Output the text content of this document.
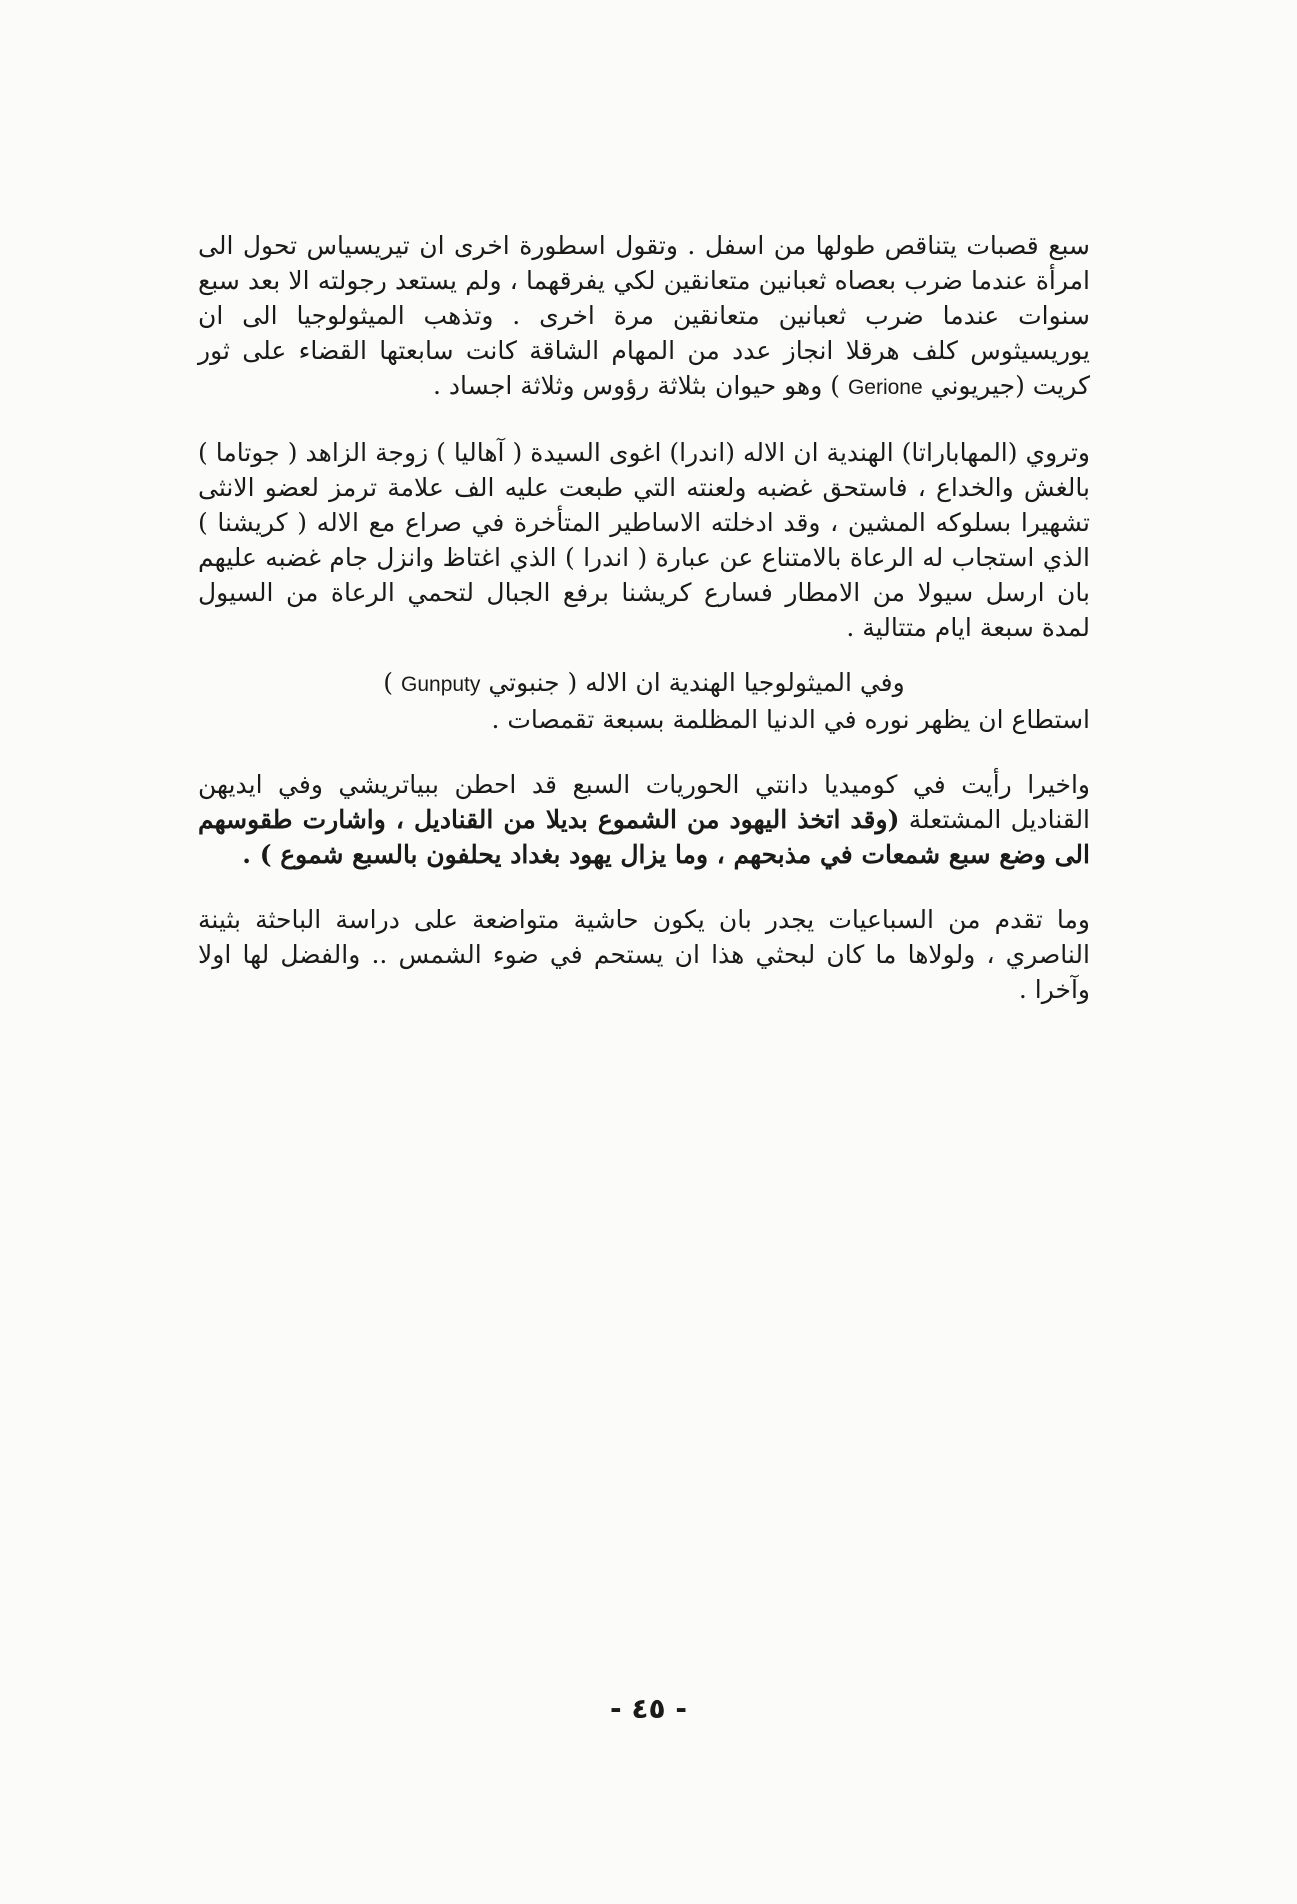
سبع قصبات يتناقص طولها من اسفل . وتقول اسطورة اخرى ان تيريسياس تحول الى امرأة عندما ضرب بعصاه ثعبانين متعانقين لكي يفرقهما ، ولم يستعد رجولته الا بعد سبع سنوات عندما ضرب ثعبانين متعانقين مرة اخرى . وتذهب الميثولوجيا الى ان يوريسيثوس كلف هرقلا انجاز عدد من المهام الشاقة كانت سابعتها القضاء على ثور كريت (جيريوني Gerione ) وهو حيوان بثلاثة رؤوس وثلاثة اجساد .

وتروي (المهاباراتا) الهندية ان الاله (اندرا) اغوى السيدة ( آهاليا ) زوجة الزاهد ( جوتاما ) بالغش والخداع ، فاستحق غضبه ولعنته التي طبعت عليه الف علامة ترمز لعضو الانثى تشهيرا بسلوكه المشين ، وقد ادخلته الاساطير المتأخرة في صراع مع الاله ( كريشنا ) الذي استجاب له الرعاة بالامتناع عن عبارة ( اندرا ) الذي اغتاظ وانزل جام غضبه عليهم بان ارسل سيولا من الامطار فسارع كريشنا برفع الجبال لتحمي الرعاة من السيول لمدة سبعة ايام متتالية .

وفي الميثولوجيا الهندية ان الاله ( جنبوتي Gunputy )

استطاع ان يظهر نوره في الدنيا المظلمة بسبعة تقمصات .

واخيرا رأيت في كوميديا دانتي الحوريات السبع قد احطن ببياتريشي وفي ايديهن القناديل المشتعلة (وقد اتخذ اليهود من الشموع بديلا من القناديل ، واشارت طقوسهم الى وضع سبع شمعات في مذبحهم ، وما يزال يهود بغداد يحلفون بالسبع شموع ) .

وما تقدم من السباعيات يجدر بان يكون حاشية متواضعة على دراسة الباحثة بثينة الناصري ، ولولاها ما كان لبحثي هذا ان يستحم في ضوء الشمس .. والفضل لها اولا وآخرا .

- ٤٥ -
